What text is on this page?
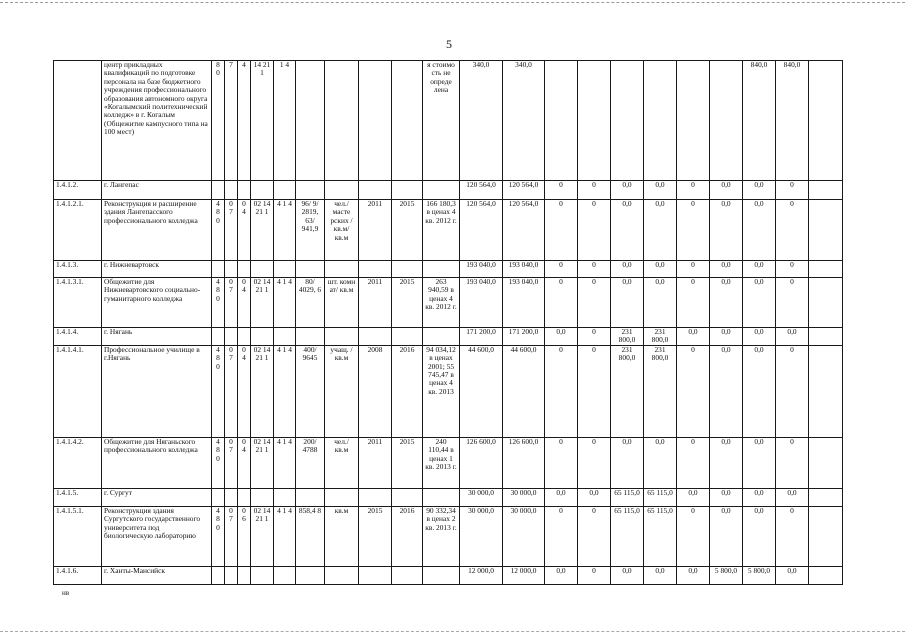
5
	центр прикладных квалификаций по подготовке персонала на базе бюджетного учреждения профессионального образования автономного округа «Когалымский политехнический колледж» в г. Когалым (Общежитие кампусного типа на 100 мест)	8 0	7	4	14 21 1	1 4					я стоимо сть не опреде лена	340,0	340,0							840,0	840,0	
1.4.1.2.	г. Лангепас											120 564,0	120 564,0	0	0	0,0	0,0	0	0,0	0,0	0	
1.4.1.2.1.	Реконструкция и расширение здания Лангепасского профессионального колледжа	4 8 0	0 7	0 4	02 14 21 1	4 1 4	96/ 9/ 2819, 63/ 941,9	чел./ масте рских / кв.м/ кв.м	2011	2015	166 180,3 в ценах 4 кв. 2012 г.	120 564,0	120 564,0	0	0	0,0	0,0	0	0,0	0,0	0	
1.4.1.3.	г. Нижневартовск											193 040,0	193 040,0	0	0	0,0	0,0	0	0,0	0,0	0	
1.4.1.3.1.	Общежитие для Нижневартовского социально-гуманитарного колледжа	4 8 0	0 7	0 4	02 14 21 1	4 1 4	80/ 4029, 6	шт. комн ат/ кв.м	2011	2015	263 940,59 в ценах 4 кв. 2012 г.	193 040,0	193 040,0	0	0	0,0	0,0	0	0,0	0,0	0	
1.4.1.4.	г. Нягань											171 200,0	171 200,0	0,0	0	231 800,0	231 800,0	0,0	0,0	0,0	0,0	
1.4.1.4.1.	Профессиональное училище в г.Нягань	4 8 0	0 7	0 4	02 14 21 1	4 1 4	400/ 9645	учащ. / кв.м	2008	2016	94 034,12 в ценах 2001; 55 745,47 в ценах 4 кв. 2013	44 600,0	44 600,0	0	0	231 800,0	231 800,0	0	0,0	0,0	0	
1.4.1.4.2.	Общежитие для Няганьского профессионального колледжа	4 8 0	0 7	0 4	02 14 21 1	4 1 4	200/ 4788	чел./ кв.м	2011	2015	240 110,44 в ценах 1 кв. 2013 г.	126 600,0	126 600,0	0	0	0,0	0,0	0	0,0	0,0	0	
1.4.1.5.	г. Сургут											30 000,0	30 000,0	0,0	0,0	65 115,0	65 115,0	0,0	0,0	0,0	0,0	
1.4.1.5.1.	Реконструкция здания Сургутского государственного университета под биологическую лабораторию	4 8 0	0 7	0 6	02 14 21 1	4 1 4	858,4 8	кв.м	2015	2016	90 332,34 в ценах 2 кв. 2013 г.	30 000,0	30 000,0	0	0	65 115,0	65 115,0	0	0,0	0,0	0	
1.4.1.6.	г. Ханты-Мансийск											12 000,0	12 000,0	0,0	0	0,0	0,0	0,0	5 800,0	5 800,0	0,0	
нв
